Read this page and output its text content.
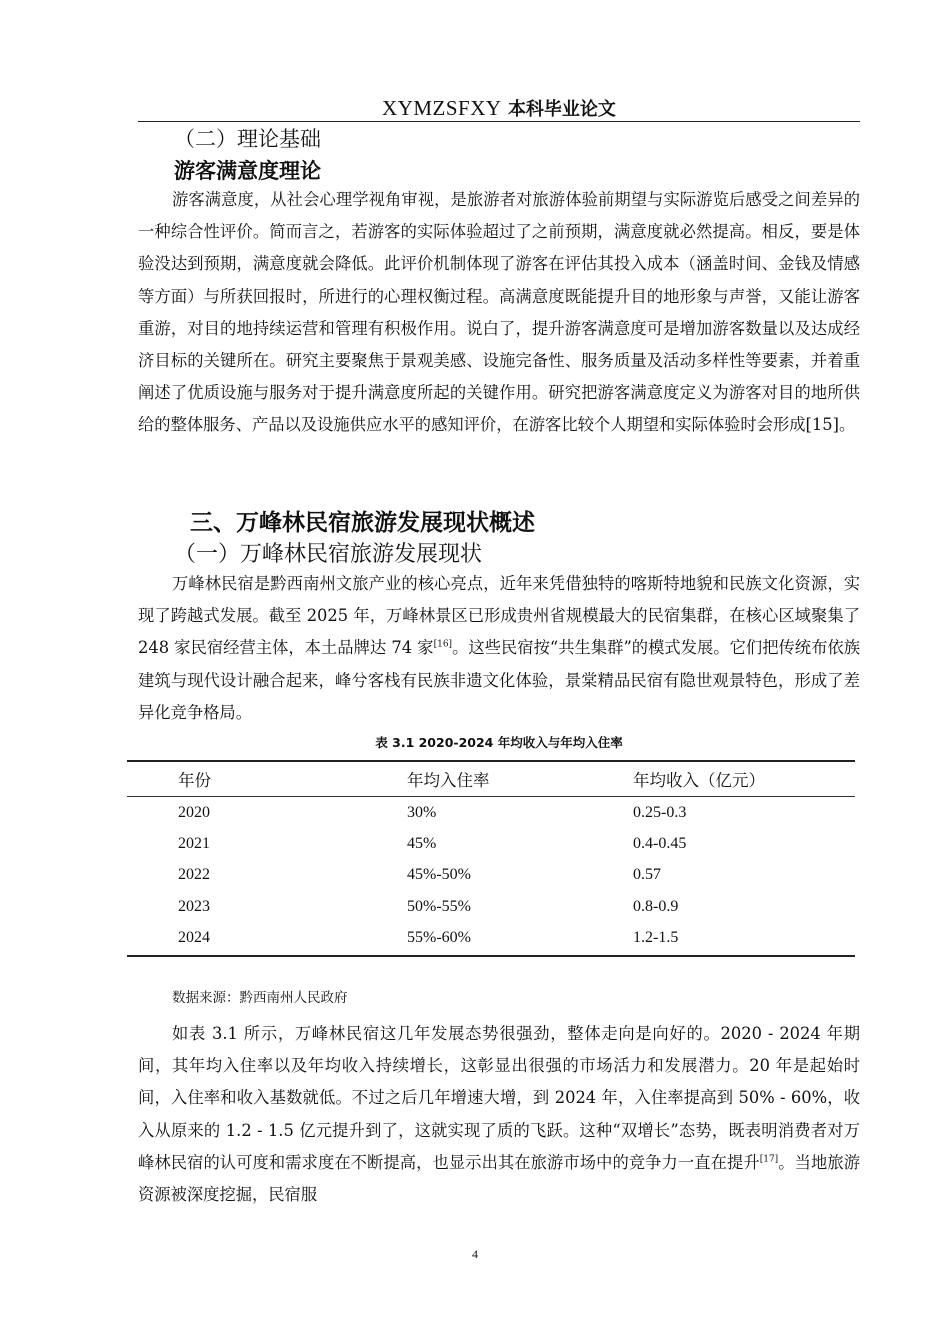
XYMZSFXY 本科毕业论文
（二）理论基础
游客满意度理论

游客满意度，从社会心理学视角审视，是旅游者对旅游体验前期望与实际游览后感受之间差异的一种综合性评价。简而言之，若游客的实际体验超过了之前预期，满意度就必然提高。相反，要是体验没达到预期，满意度就会降低。此评价机制体现了游客在评估其投入成本（涵盖时间、金钱及情感等方面）与所获回报时，所进行的心理权衡过程。高满意度既能提升目的地形象与声誉，又能让游客重游，对目的地持续运营和管理有积极作用。说白了，提升游客满意度可是增加游客数量以及达成经济目标的关键所在。研究主要聚焦于景观美感、设施完备性、服务质量及活动多样性等要素，并着重阐述了优质设施与服务对于提升满意度所起的关键作用。研究把游客满意度定义为游客对目的地所供给的整体服务、产品以及设施供应水平的感知评价，在游客比较个人期望和实际体验时会形成[15]。

三、万峰林民宿旅游发展现状概述
（一）万峰林民宿旅游发展现状

万峰林民宿是黔西南州文旅产业的核心亮点，近年来凭借独特的喀斯特地貌和民族文化资源，实现了跨越式发展。截至 2025 年，万峰林景区已形成贵州省规模最大的民宿集群，在核心区域聚集了 248 家民宿经营主体，本土品牌达 74 家[16]。这些民宿按“共生集群”的模式发展。它们把传统布依族建筑与现代设计融合起来，峰兮客栈有民族非遗文化体验，景棠精品民宿有隐世观景特色，形成了差异化竞争格局。

表 3.1 2020-2024 年均收入与年均入住率
年份	年均入住率	年均收入（亿元）
2020	30%	0.25-0.3
2021	45%	0.4-0.45
2022	45%-50%	0.57
2023	50%-55%	0.8-0.9
2024	55%-60%	1.2-1.5
数据来源：黔西南州人民政府

如表 3.1 所示，万峰林民宿这几年发展态势很强劲，整体走向是向好的。2020 - 2024 年期间，其年均入住率以及年均收入持续增长，这彰显出很强的市场活力和发展潜力。20 年是起始时间，入住率和收入基数就低。不过之后几年增速大增，到 2024 年，入住率提高到 50% - 60%，收入从原来的 1.2 - 1.5 亿元提升到了，这就实现了质的飞跃。这种“双增长”态势，既表明消费者对万峰林民宿的认可度和需求度在不断提高，也显示出其在旅游市场中的竞争力一直在提升[17]。当地旅游资源被深度挖掘，民宿服

4
